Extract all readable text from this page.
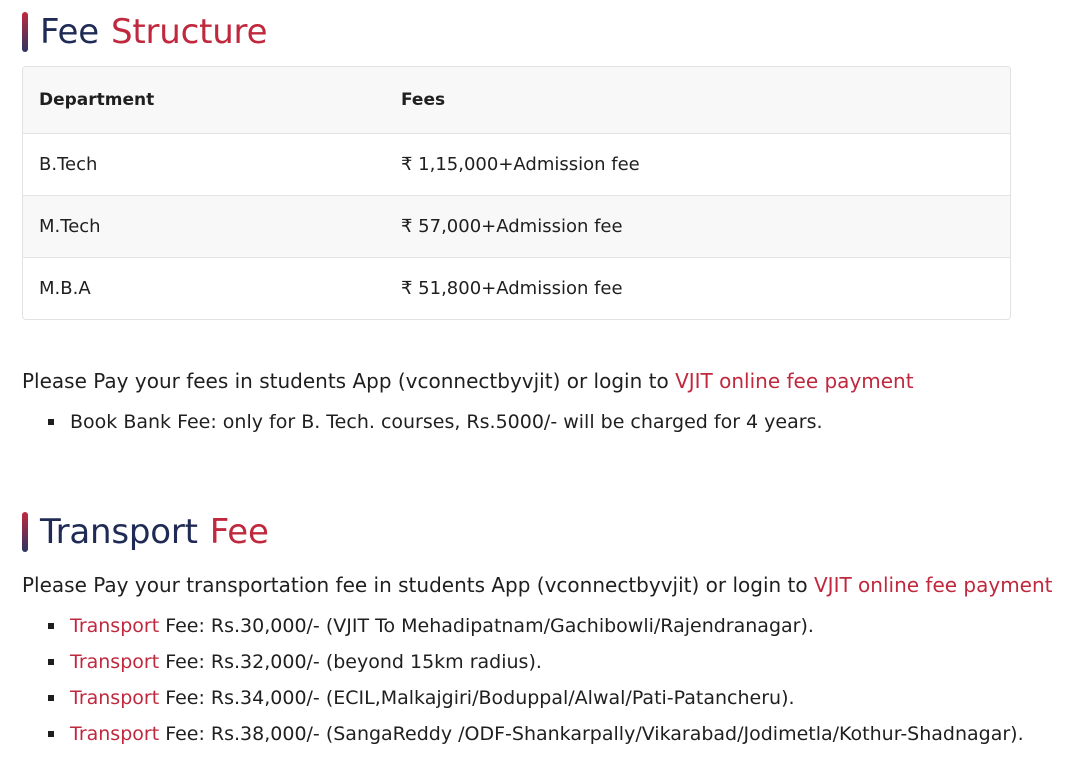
Fee Structure
Department	Fees
B.Tech	₹ 1,15,000+Admission fee
M.Tech	₹ 57,000+Admission fee
M.B.A	₹ 51,800+Admission fee
Please Pay your fees in students App (vconnectbyvjit) or login to VJIT online fee payment
Book Bank Fee: only for B. Tech. courses, Rs.5000/- will be charged for 4 years.
Transport Fee
Please Pay your transportation fee in students App (vconnectbyvjit) or login to VJIT online fee payment
Transport Fee: Rs.30,000/- (VJIT To Mehadipatnam/Gachibowli/Rajendranagar).
Transport Fee: Rs.32,000/- (beyond 15km radius).
Transport Fee: Rs.34,000/- (ECIL,Malkajgiri/Boduppal/Alwal/Pati-Patancheru).
Transport Fee: Rs.38,000/- (SangaReddy /ODF-Shankarpally/Vikarabad/Jodimetla/Kothur-Shadnagar).
